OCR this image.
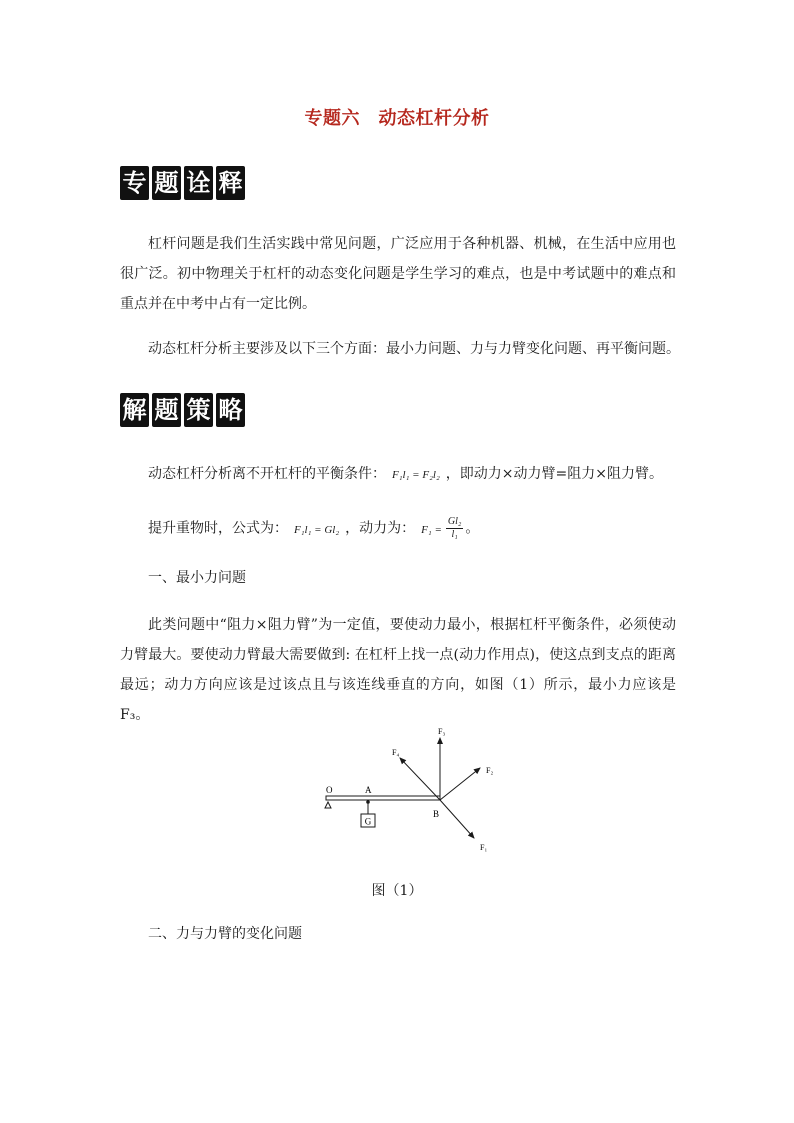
专题六　动态杠杆分析
专 题 诠 释

杠杆问题是我们生活实践中常见问题，广泛应用于各种机器、机械，在生活中应用也很广泛。初中物理关于杠杆的动态变化问题是学生学习的难点，也是中考试题中的难点和重点并在中考中占有一定比例。

动态杠杆分析主要涉及以下三个方面：最小力问题、力与力臂变化问题、再平衡问题。

解 题 策 略
动态杠杆分析离不开杠杆的平衡条件： F₁l₁ = F₂l₂ ，即动力×动力臂=阻力×阻力臂。
提升重物时，公式为： F₁l₁ = Gl₂ ，动力为： $F_1 = \frac{\text{Gl₂}}{\text{l₁}}$ 。
一、最小力问题

此类问题中“阻力×阻力臂”为一定值，要使动力最小，根据杠杆平衡条件，必须使动力臂最大。要使动力臂最大需要做到: 在杠杆上找一点(动力作用点)，使这点到支点的距离最远；动力方向应该是过该点且与该连线垂直的方向，如图（1）所示，最小力应该是F₃。

G
O	A
B
F₃
F₄
F₂
F₁
图（1）
二、力与力臂的变化问题
